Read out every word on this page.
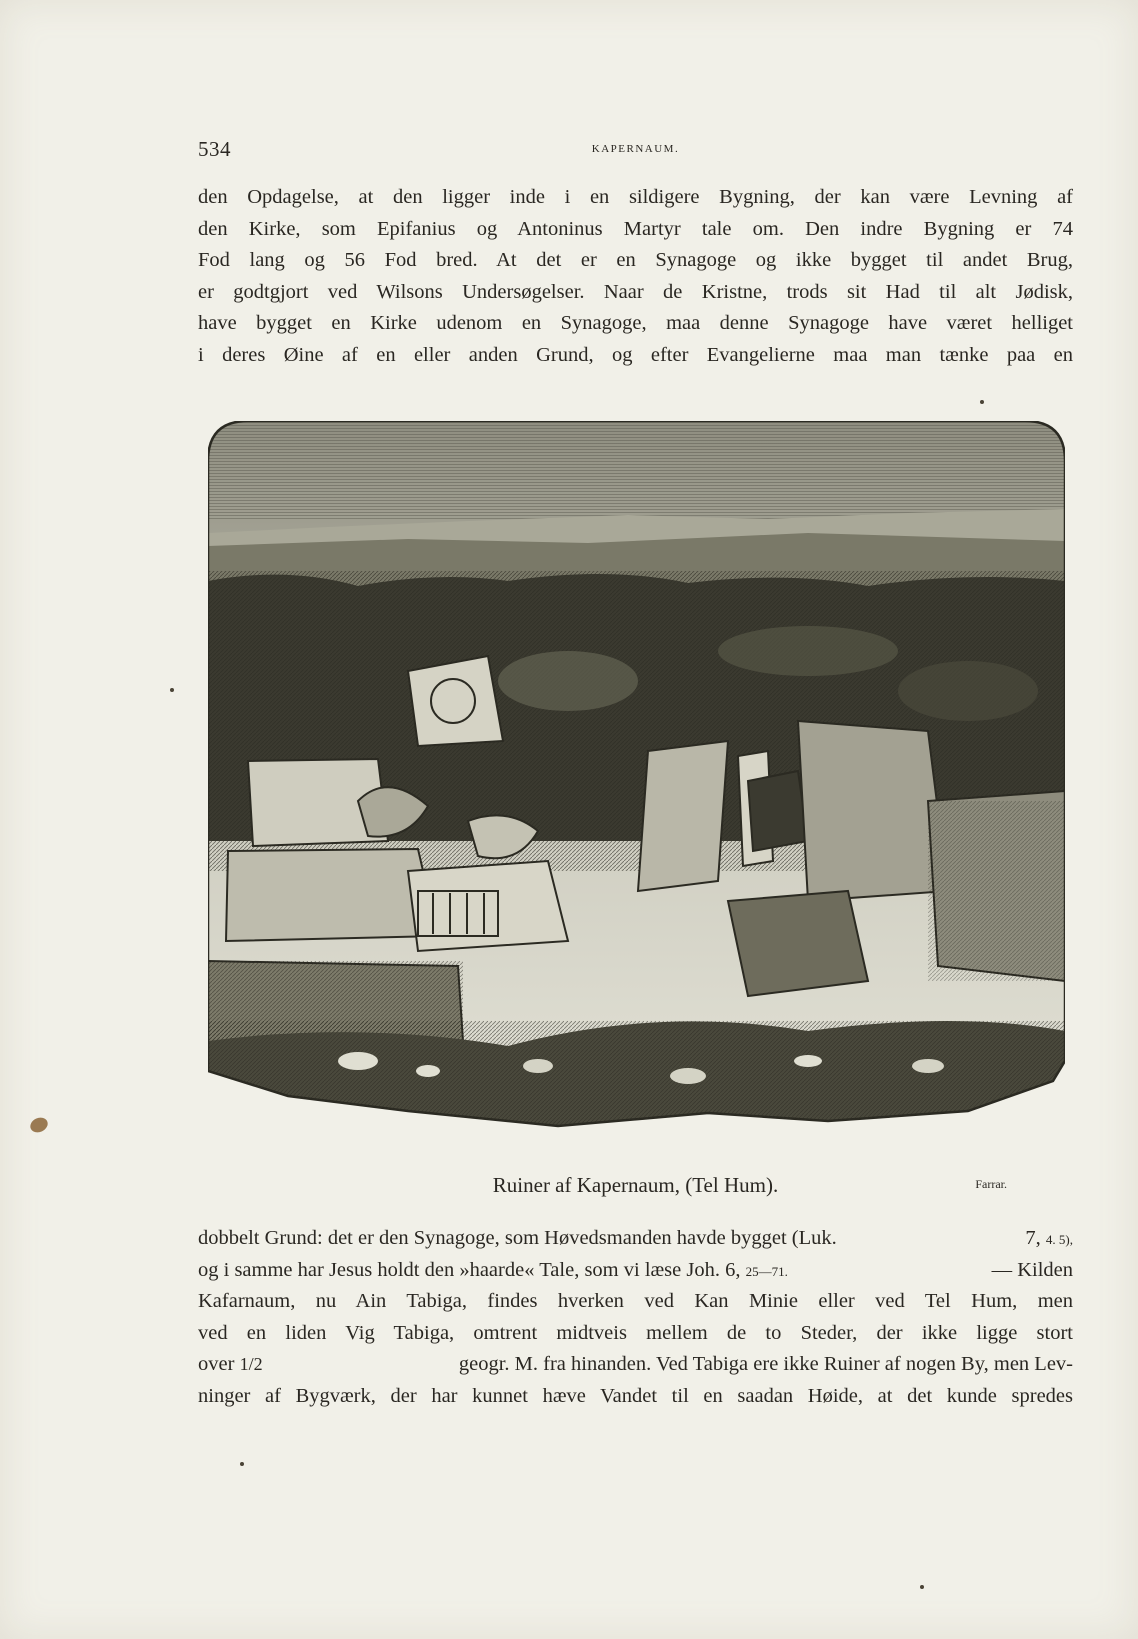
534	KAPERNAUM.
den Opdagelse, at den ligger inde i en sildigere Bygning, der kan være Levning af
den Kirke, som Epifanius og Antoninus Martyr tale om. Den indre Bygning er 74
Fod lang og 56 Fod bred. At det er en Synagoge og ikke bygget til andet Brug,
er godtgjort ved Wilsons Undersøgelser. Naar de Kristne, trods sit Had til alt Jødisk,
have bygget en Kirke udenom en Synagoge, maa denne Synagoge have været helliget
i deres Øine af en eller anden Grund, og efter Evangelierne maa man tænke paa en
Ruiner af Kapernaum, (Tel Hum).	Farrar.
dobbelt Grund: det er den Synagoge, som Høvedsmanden havde bygget (Luk.	7, 4. 5),
og i samme har Jesus holdt den »haarde« Tale, som vi læse Joh. 6, 25—71.	— Kilden
Kafarnaum, nu Ain Tabiga, findes hverken ved Kan Minie eller ved Tel Hum, men
ved en liden Vig Tabiga, omtrent midtveis mellem de to Steder, der ikke ligge stort
over 1/2	geogr. M. fra hinanden. Ved Tabiga ere ikke Ruiner af nogen By, men Lev-
ninger af Bygværk, der har kunnet hæve Vandet til en saadan Høide, at det kunde spredes
